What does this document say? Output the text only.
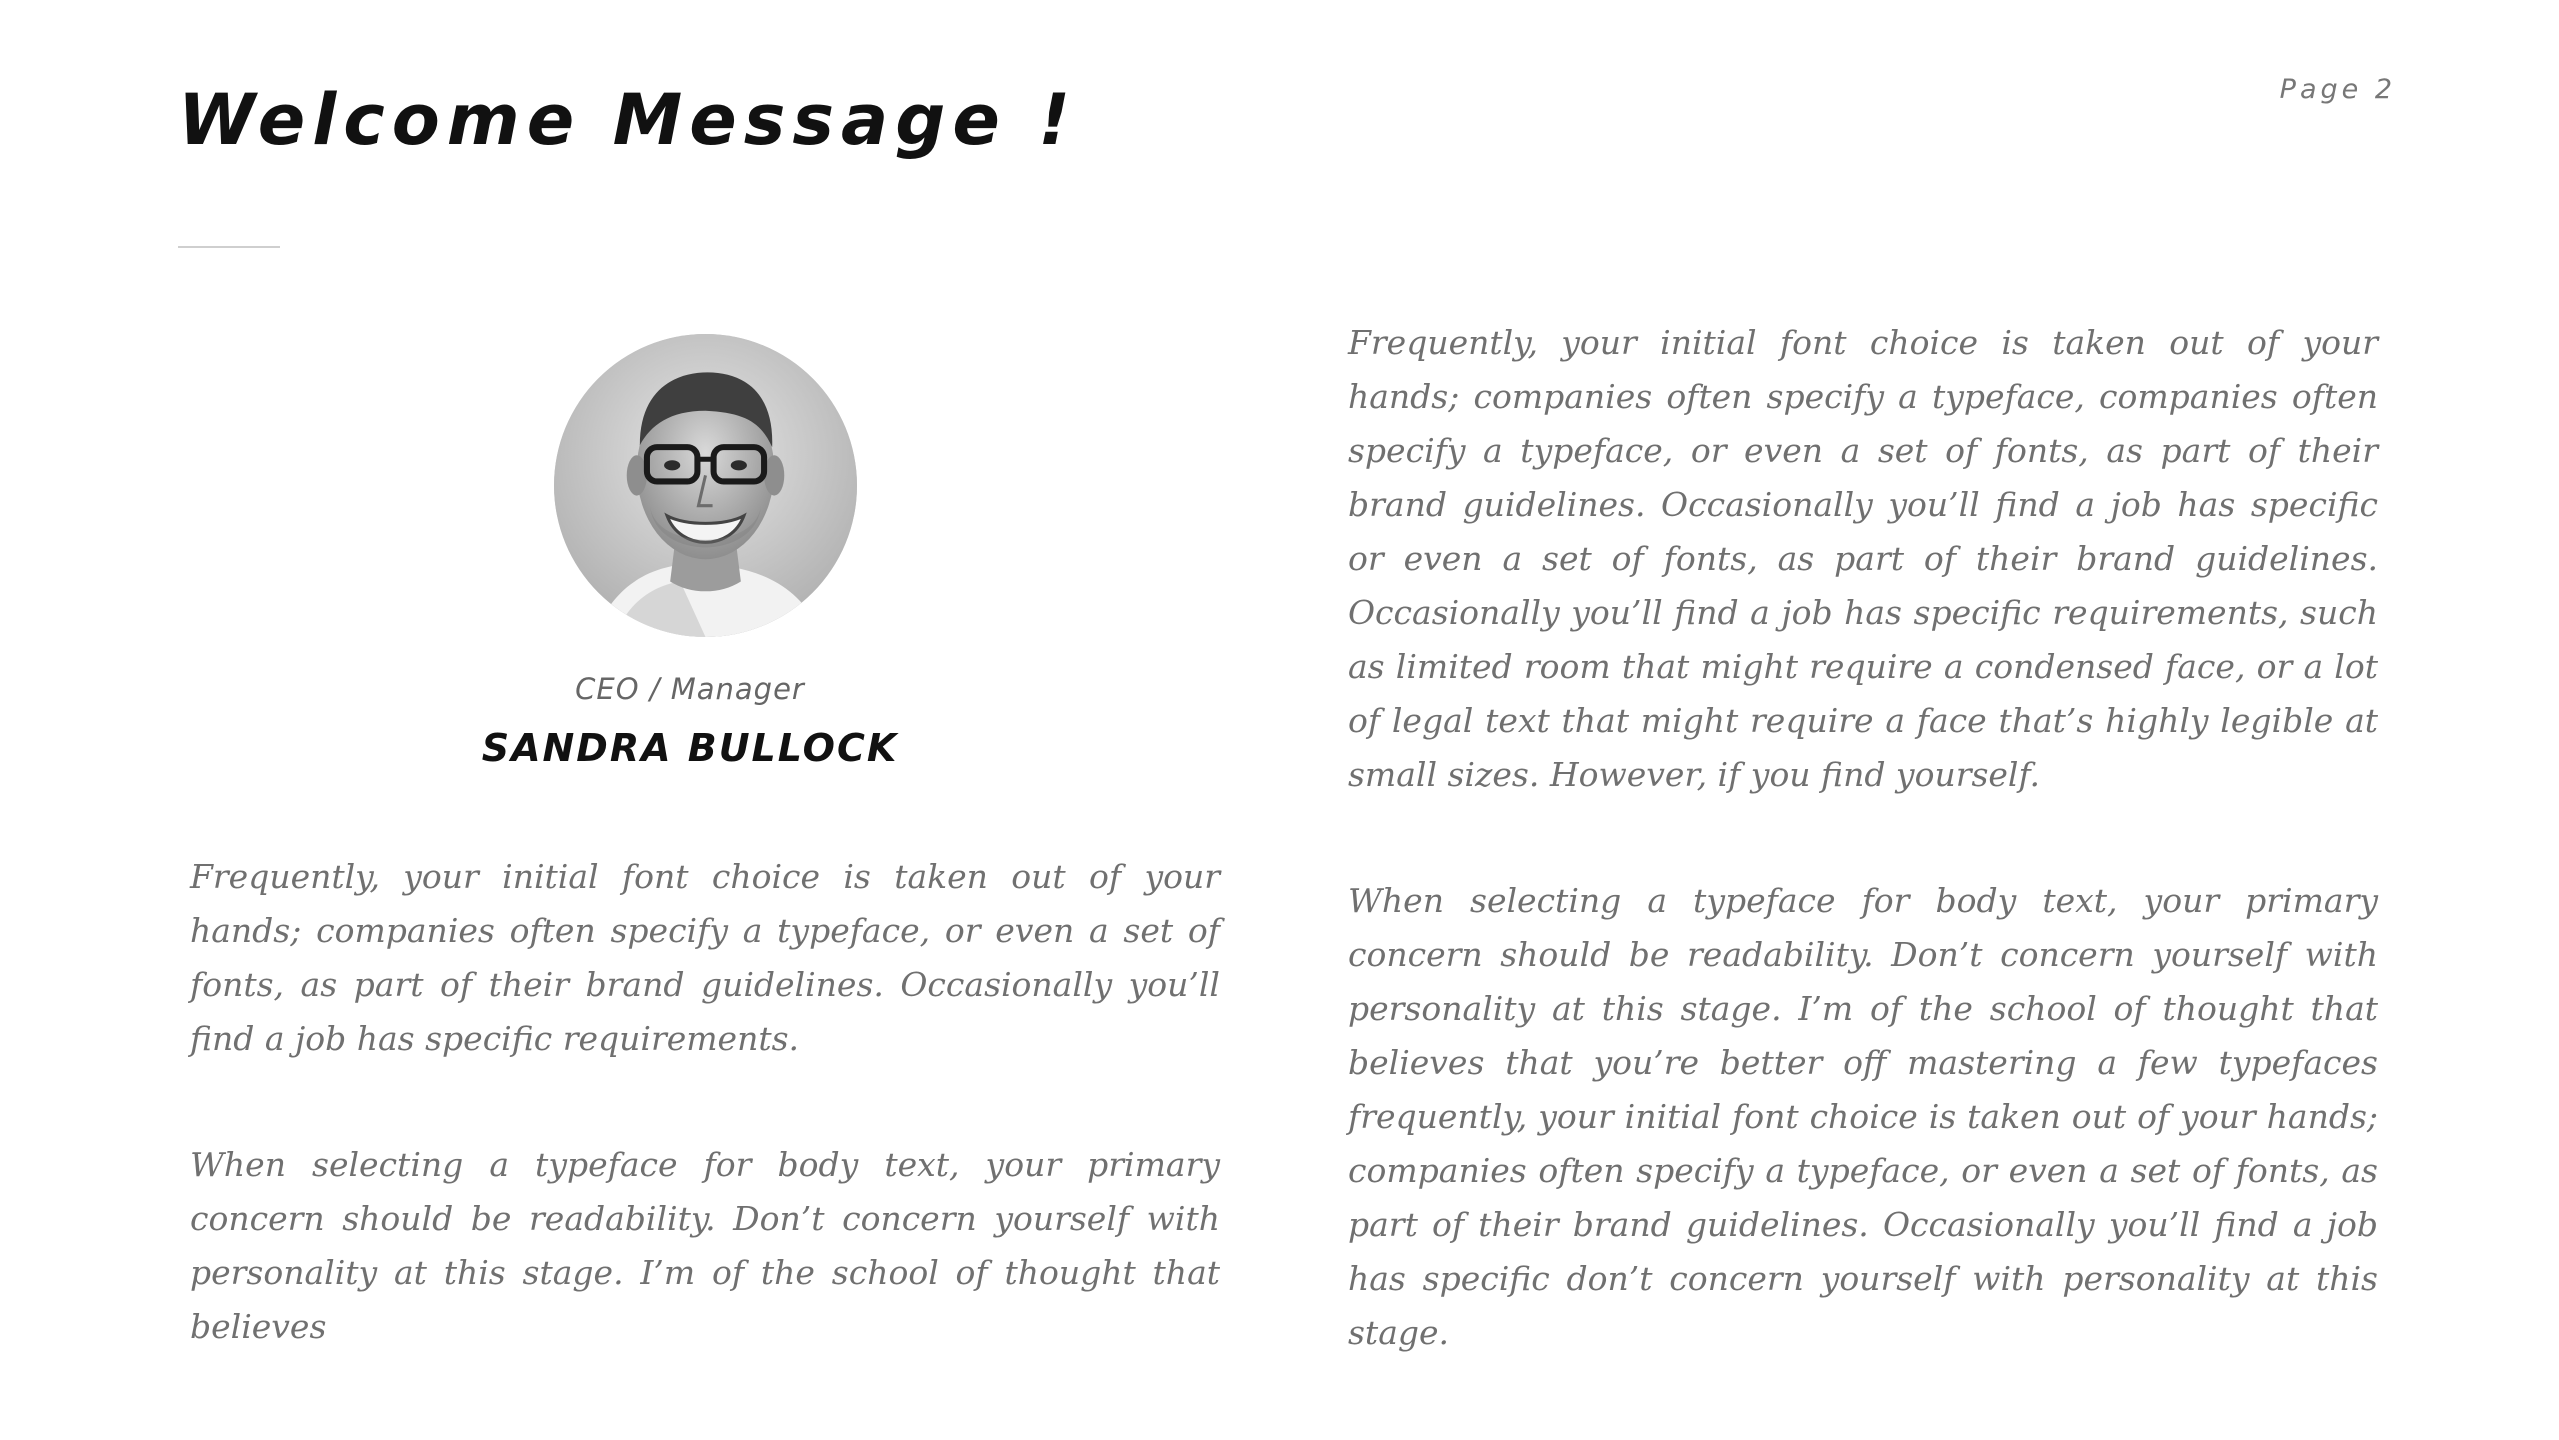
Welcome Message !	Page 2
CEO / Manager
SANDRA BULLOCK

Frequently, your initial font choice is taken out of your hands; companies often specify a typeface, or even a set of fonts, as part of their brand guidelines. Occasionally you’ll find a job has specific requirements.

When selecting a typeface for body text, your primary concern should be readability. Don’t concern yourself with personality at this stage. I’m of the school of thought that believes

Frequently, your initial font choice is taken out of your hands; companies often specify a typeface, companies often specify a typeface, or even a set of fonts, as part of their brand guidelines. Occasionally you’ll find a job has specific or even a set of fonts, as part of their brand guidelines. Occasionally you’ll find a job has specific requirements, such as limited room that might require a condensed face, or a lot of legal text that might require a face that’s highly legible at small sizes. However, if you find yourself.

When selecting a typeface for body text, your primary concern should be readability. Don’t concern yourself with personality at this stage. I’m of the school of thought that believes that you’re better off mastering a few typefaces frequently, your initial font choice is taken out of your hands; companies often specify a typeface, or even a set of fonts, as part of their brand guidelines. Occasionally you’ll find a job has specific don’t concern yourself with personality at this stage.
